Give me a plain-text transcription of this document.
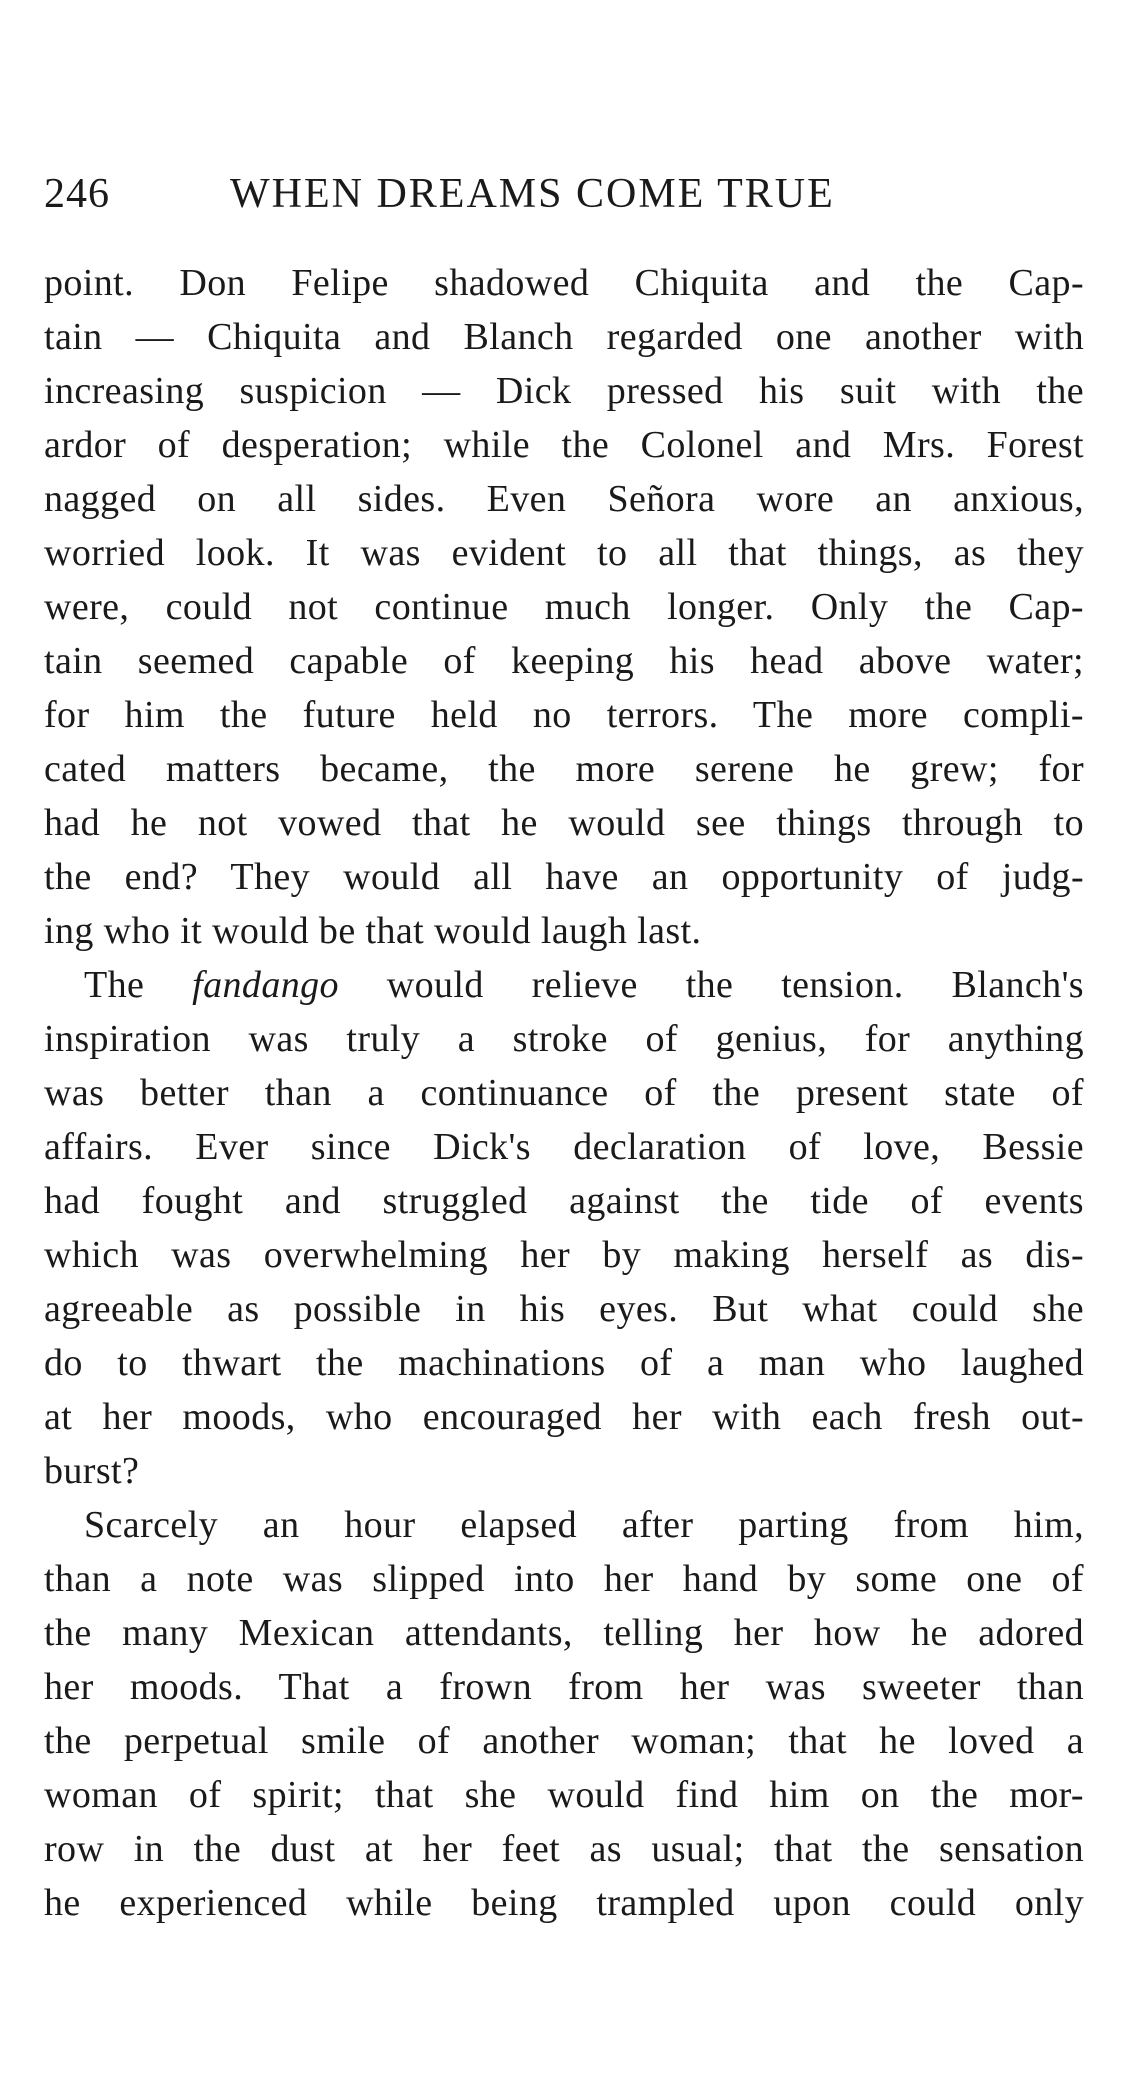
246	WHEN DREAMS COME TRUE
point. Don Felipe shadowed Chiquita and the Cap-
tain — Chiquita and Blanch regarded one another with
increasing suspicion — Dick pressed his suit with the
ardor of desperation; while the Colonel and Mrs. Forest
nagged on all sides. Even Señora wore an anxious,
worried look. It was evident to all that things, as they
were, could not continue much longer. Only the Cap-
tain seemed capable of keeping his head above water;
for him the future held no terrors. The more compli-
cated matters became, the more serene he grew; for
had he not vowed that he would see things through to
the end? They would all have an opportunity of judg-
ing who it would be that would laugh last.
The fandango would relieve the tension. Blanch's
inspiration was truly a stroke of genius, for anything
was better than a continuance of the present state of
affairs. Ever since Dick's declaration of love, Bessie
had fought and struggled against the tide of events
which was overwhelming her by making herself as dis-
agreeable as possible in his eyes. But what could she
do to thwart the machinations of a man who laughed
at her moods, who encouraged her with each fresh out-
burst?
Scarcely an hour elapsed after parting from him,
than a note was slipped into her hand by some one of
the many Mexican attendants, telling her how he adored
her moods. That a frown from her was sweeter than
the perpetual smile of another woman; that he loved a
woman of spirit; that she would find him on the mor-
row in the dust at her feet as usual; that the sensation
he experienced while being trampled upon could only
